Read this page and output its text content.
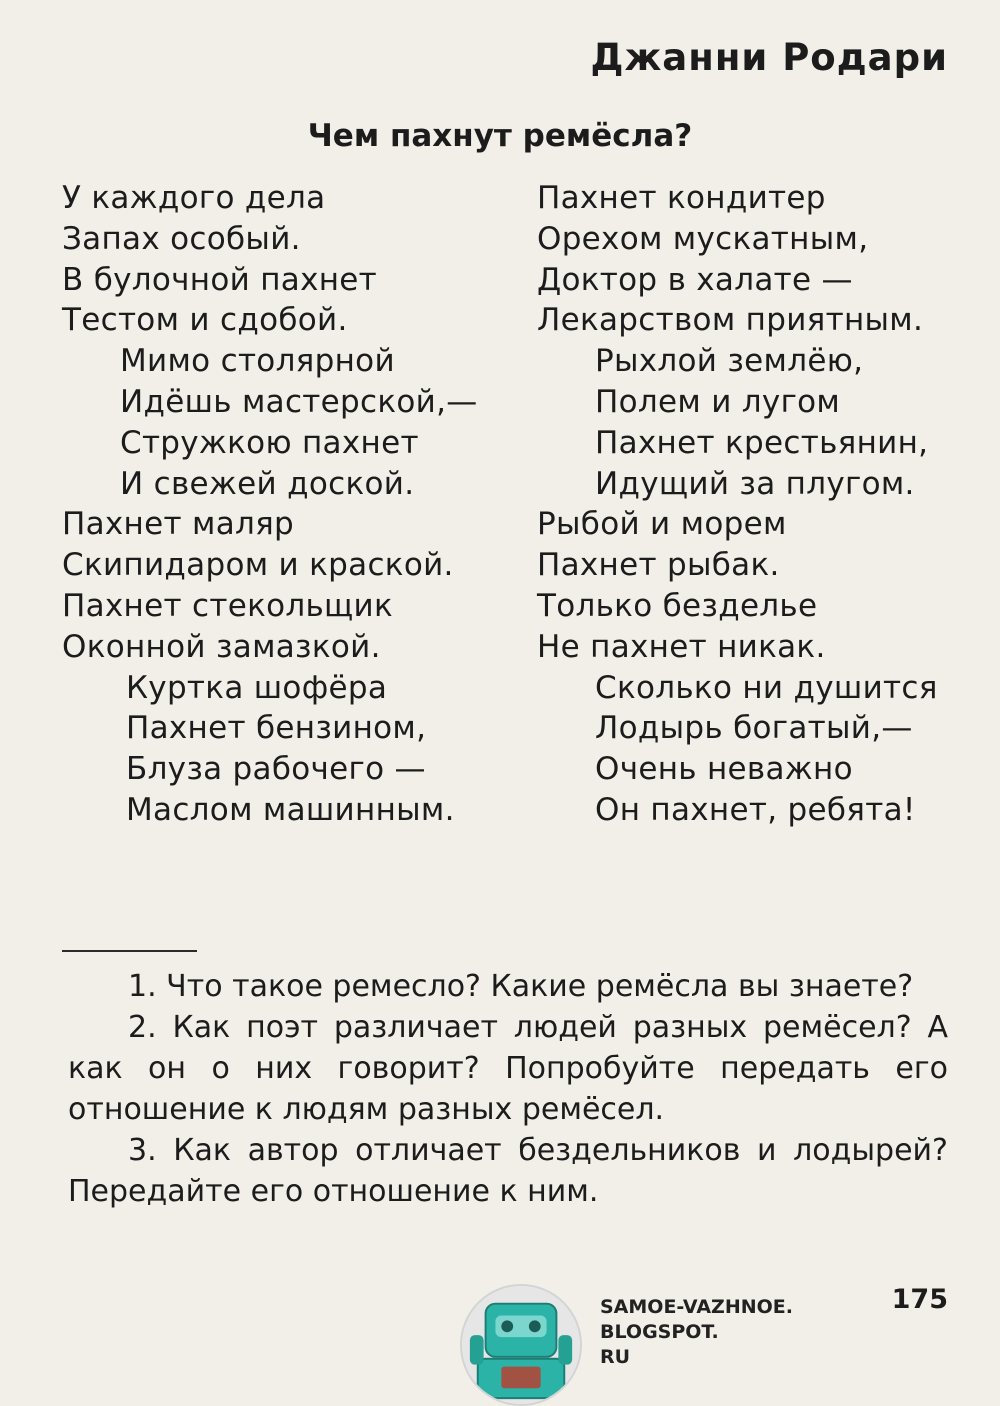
Джанни Родари
Чем пахнут ремёсла?
У каждого дела
Запах особый.
В булочной пахнет
Тестом и сдобой.
Мимо столярной
Идёшь мастерской,—
Стружкою пахнет
И свежей доской.
Пахнет маляр
Скипидаром и краской.
Пахнет стекольщик
Оконной замазкой.
Куртка шофёра
Пахнет бензином,
Блуза рабочего —
Маслом машинным.
Пахнет кондитер
Орехом мускатным,
Доктор в халате —
Лекарством приятным.
Рыхлой землёю,
Полем и лугом
Пахнет крестьянин,
Идущий за плугом.
Рыбой и морем
Пахнет рыбак.
Только безделье
Не пахнет никак.
Сколько ни душится
Лодырь богатый,—
Очень неважно
Он пахнет, ребята!

1. Что такое ремесло? Какие ремёсла вы знаете?

2. Как поэт различает людей разных ремёсел? А как он о них говорит? Попробуйте передать его отношение к людям разных ремёсел.

3. Как автор отличает бездельников и лодырей? Передайте его отношение к ним.

SAMOE-VAZHNOE.
BLOGSPOT.
RU
175
